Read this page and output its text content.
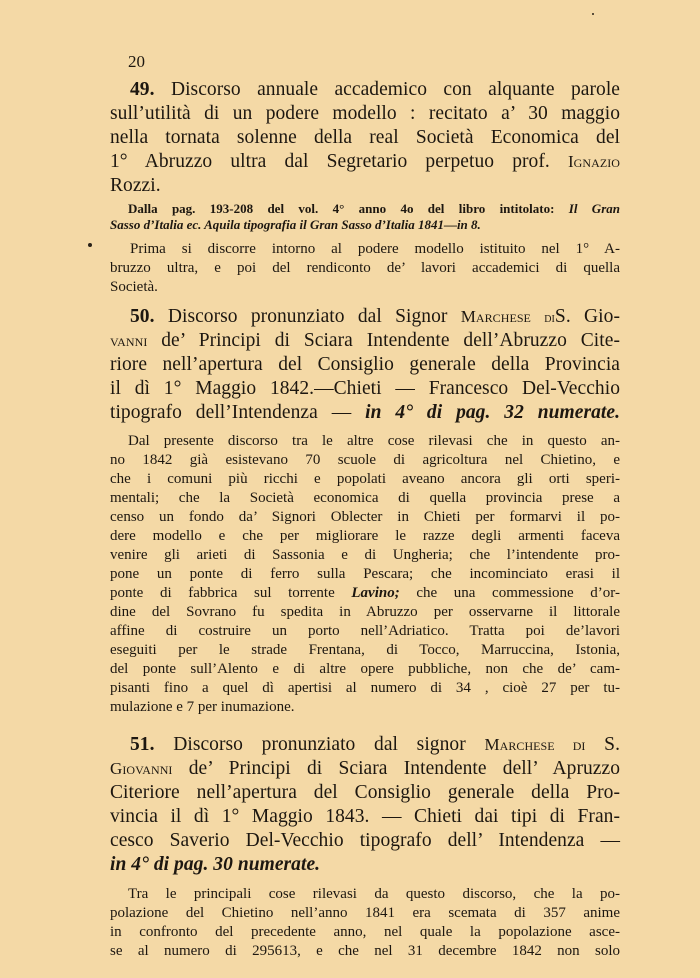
20
49. Discorso annuale accademico con alquante parole
sull’utilità di un podere modello : recitato a’ 30 maggio
nella tornata solenne della real Società Economica del
1° Abruzzo ultra dal Segretario perpetuo prof. Ignazio
Rozzi.
Dalla pag. 193-208 del vol. 4° anno 4o del libro intitolato: Il Gran
Sasso d’Italia ec. Aquila tipografia il Gran Sasso d’Italia 1841—in 8.
Prima si discorre intorno al podere modello istituito nel 1° A-
bruzzo ultra, e poi del rendiconto de’ lavori accademici di quella
Società.
50. Discorso pronunziato dal Signor Marchese diS. Gio-
vanni de’ Principi di Sciara Intendente dell’Abruzzo Cite-
riore nell’apertura del Consiglio generale della Provincia
il dì 1° Maggio 1842.—Chieti — Francesco Del-Vecchio
tipografo dell’Intendenza — in 4° di pag. 32 numerate.
Dal presente discorso tra le altre cose rilevasi che in questo an-
no 1842 già esistevano 70 scuole di agricoltura nel Chietino, e
che i comuni più ricchi e popolati aveano ancora gli orti speri-
mentali; che la Società economica di quella provincia prese a
censo un fondo da’ Signori Oblecter in Chieti per formarvi il po-
dere modello e che per migliorare le razze degli armenti faceva
venire gli arieti di Sassonia e di Ungheria; che l’intendente pro-
pone un ponte di ferro sulla Pescara; che incominciato erasi il
ponte di fabbrica sul torrente Lavino; che una commessione d’or-
dine del Sovrano fu spedita in Abruzzo per osservarne il littorale
affine di costruire un porto nell’Adriatico. Tratta poi de’lavori
eseguiti per le strade Frentana, di Tocco, Marruccina, Istonia,
del ponte sull’Alento e di altre opere pubbliche, non che de’ cam-
pisanti fino a quel dì apertisi al numero di 34 , cioè 27 per tu-
mulazione e 7 per inumazione.
51. Discorso pronunziato dal signor Marchese di S.
Giovanni de’ Principi di Sciara Intendente dell’ Apruzzo
Citeriore nell’apertura del Consiglio generale della Pro-
vincia il dì 1° Maggio 1843. — Chieti dai tipi di Fran-
cesco Saverio Del-Vecchio tipografo dell’ Intendenza —
in 4° di pag. 30 numerate.
Tra le principali cose rilevasi da questo discorso, che la po-
polazione del Chietino nell’anno 1841 era scemata di 357 anime
in confronto del precedente anno, nel quale la popolazione asce-
se al numero di 295613, e che nel 31 decembre 1842 non solo
